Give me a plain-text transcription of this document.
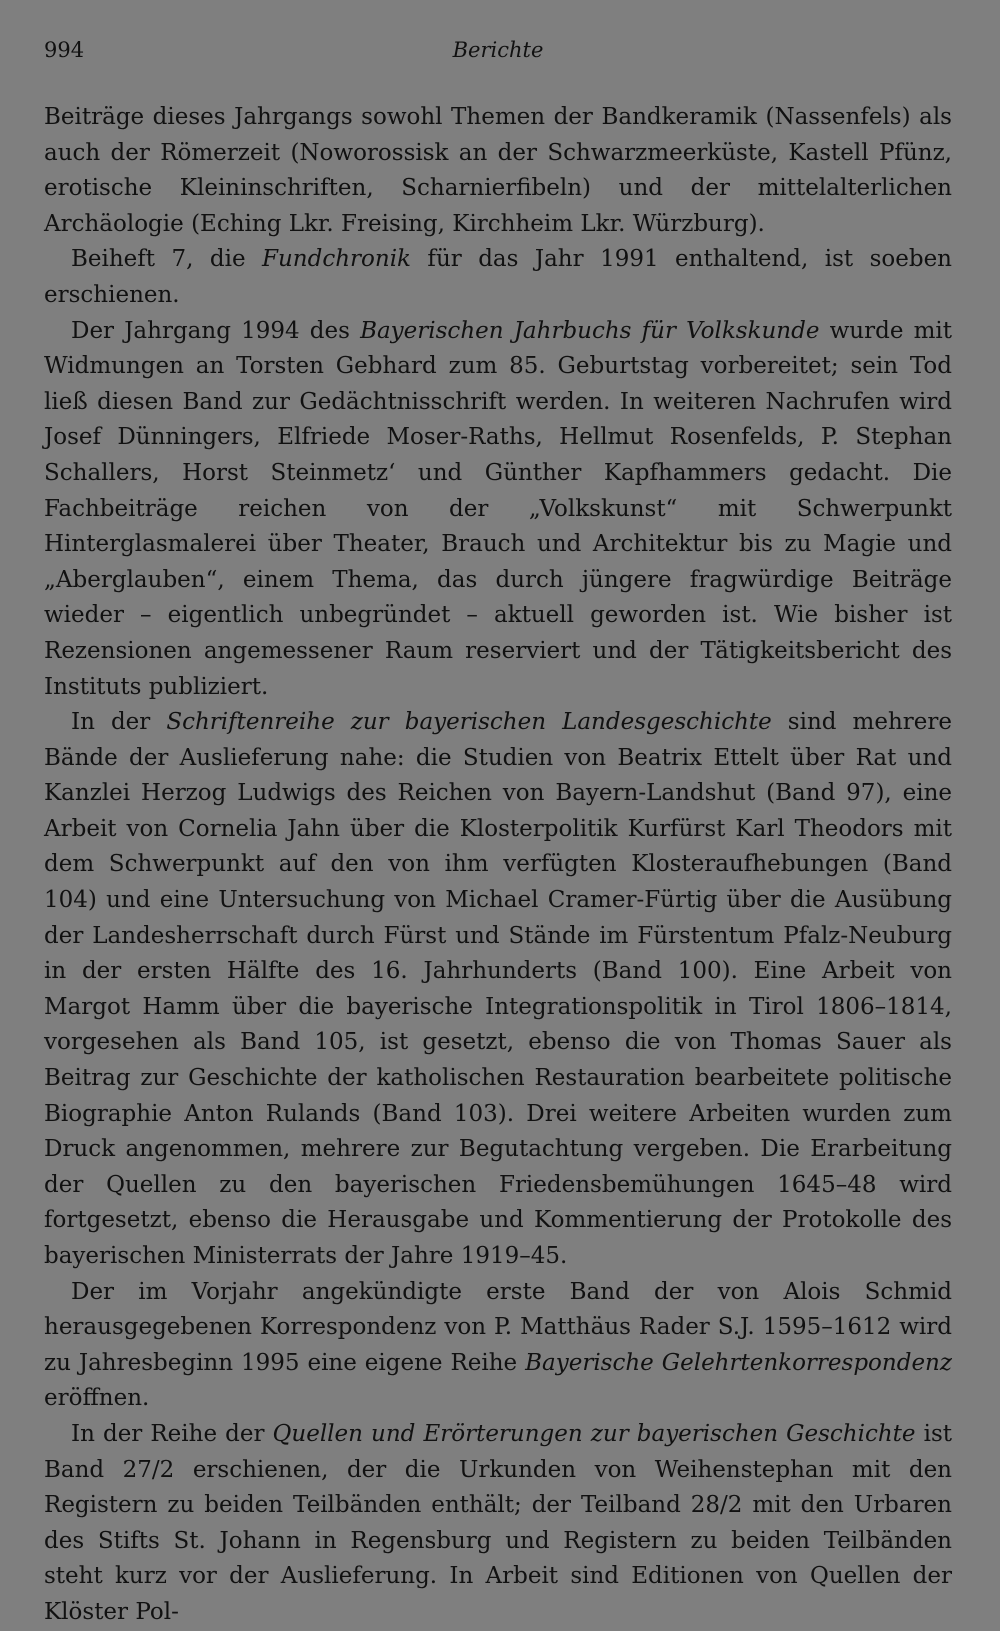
994	Berichte

Beiträge dieses Jahrgangs sowohl Themen der Bandkeramik (Nassenfels) als auch der Römerzeit (Noworossisk an der Schwarzmeerküste, Kastell Pfünz, erotische Kleininschriften, Scharnierfibeln) und der mittelalterlichen Archäologie (Eching Lkr. Freising, Kirchheim Lkr. Würzburg).

Beiheft 7, die Fundchronik für das Jahr 1991 enthaltend, ist soeben erschienen.

Der Jahrgang 1994 des Bayerischen Jahrbuchs für Volkskunde wurde mit Widmungen an Torsten Gebhard zum 85. Geburtstag vorbereitet; sein Tod ließ diesen Band zur Gedächtnisschrift werden. In weiteren Nachrufen wird Josef Dünningers, Elfriede Moser-Raths, Hellmut Rosenfelds, P. Stephan Schallers, Horst Steinmetz‘ und Günther Kapfhammers gedacht. Die Fachbeiträge reichen von der „Volkskunst“ mit Schwerpunkt Hinterglasmalerei über Theater, Brauch und Architektur bis zu Magie und „Aberglauben“, einem Thema, das durch jüngere fragwürdige Beiträge wieder – eigentlich unbegründet – aktuell geworden ist. Wie bisher ist Rezensionen angemessener Raum reserviert und der Tätigkeitsbericht des Instituts publiziert.

In der Schriftenreihe zur bayerischen Landesgeschichte sind mehrere Bände der Auslieferung nahe: die Studien von Beatrix Ettelt über Rat und Kanzlei Herzog Ludwigs des Reichen von Bayern-Landshut (Band 97), eine Arbeit von Cornelia Jahn über die Klosterpolitik Kurfürst Karl Theodors mit dem Schwerpunkt auf den von ihm verfügten Klosteraufhebungen (Band 104) und eine Untersuchung von Michael Cramer-Fürtig über die Ausübung der Landesherrschaft durch Fürst und Stände im Fürstentum Pfalz-Neuburg in der ersten Hälfte des 16. Jahrhunderts (Band 100). Eine Arbeit von Margot Hamm über die bayerische Integrationspolitik in Tirol 1806–1814, vorgesehen als Band 105, ist gesetzt, ebenso die von Thomas Sauer als Beitrag zur Geschichte der katholischen Restauration bearbeitete politische Biographie Anton Rulands (Band 103). Drei weitere Arbeiten wurden zum Druck angenommen, mehrere zur Begutachtung vergeben. Die Erarbeitung der Quellen zu den bayerischen Friedensbemühungen 1645–48 wird fortgesetzt, ebenso die Herausgabe und Kommentierung der Protokolle des bayerischen Ministerrats der Jahre 1919–45.

Der im Vorjahr angekündigte erste Band der von Alois Schmid herausgegebenen Korrespondenz von P. Matthäus Rader S.J. 1595–1612 wird zu Jahresbeginn 1995 eine eigene Reihe Bayerische Gelehrtenkorrespondenz eröffnen.

In der Reihe der Quellen und Erörterungen zur bayerischen Geschichte ist Band 27/2 erschienen, der die Urkunden von Weihenstephan mit den Registern zu beiden Teilbänden enthält; der Teilband 28/2 mit den Urbaren des Stifts St. Johann in Regensburg und Registern zu beiden Teilbänden steht kurz vor der Auslieferung. In Arbeit sind Editionen von Quellen der Klöster Pol-
